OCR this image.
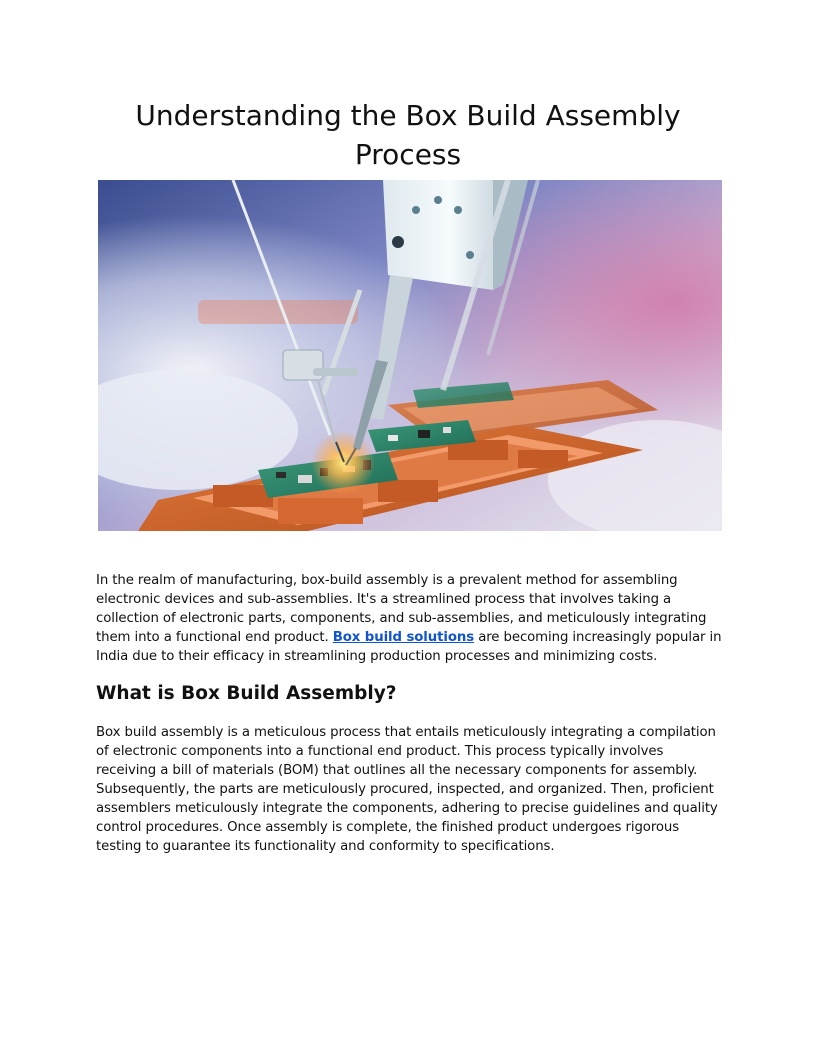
Understanding the Box Build Assembly Process

In the realm of manufacturing, box-build assembly is a prevalent method for assembling electronic devices and sub-assemblies. It's a streamlined process that involves taking a collection of electronic parts, components, and sub-assemblies, and meticulously integrating them into a functional end product. Box build solutions are becoming increasingly popular in India due to their efficacy in streamlining production processes and minimizing costs.

What is Box Build Assembly?

Box build assembly is a meticulous process that entails meticulously integrating a compilation of electronic components into a functional end product. This process typically involves receiving a bill of materials (BOM) that outlines all the necessary components for assembly. Subsequently, the parts are meticulously procured, inspected, and organized. Then, proficient assemblers meticulously integrate the components, adhering to precise guidelines and quality control procedures. Once assembly is complete, the finished product undergoes rigorous testing to guarantee its functionality and conformity to specifications.
